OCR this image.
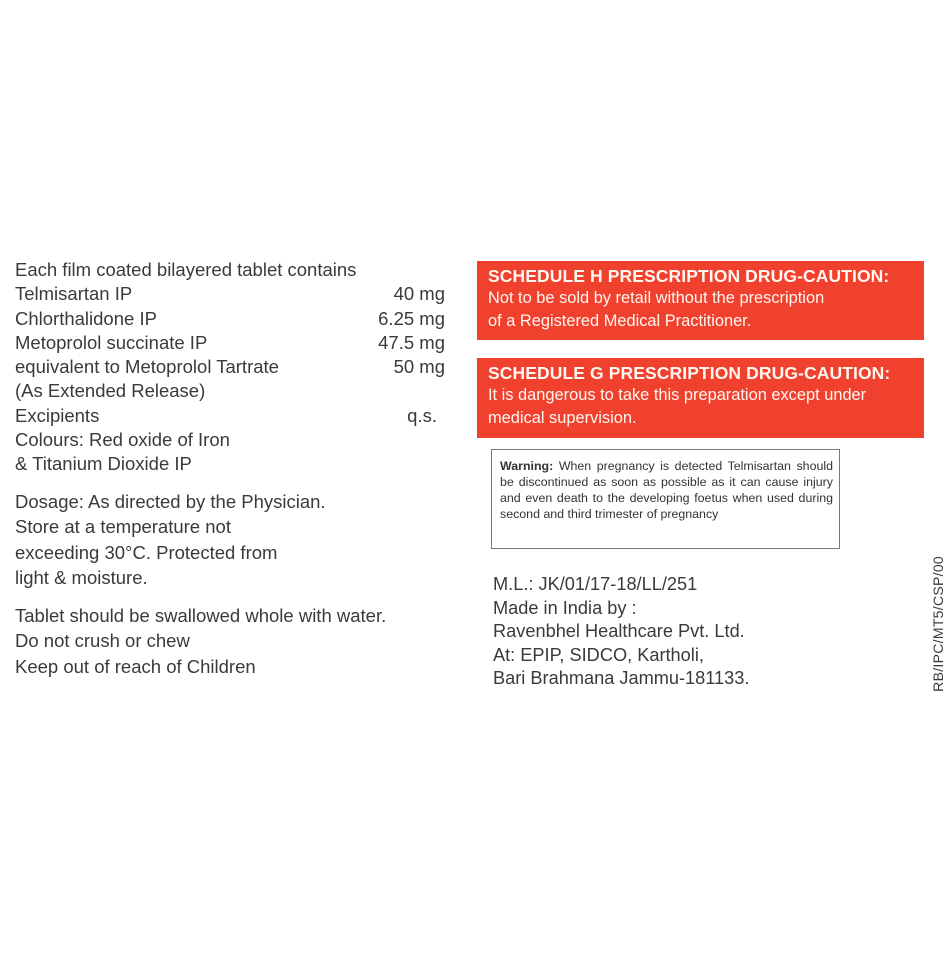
Each film coated bilayered tablet contains
Telmisartan IP	40 mg
Chlorthalidone IP	6.25 mg
Metoprolol succinate IP	47.5 mg
equivalent to Metoprolol Tartrate	50 mg
(As Extended Release)
Excipients	q.s.
Colours: Red oxide of Iron
& Titanium Dioxide IP
Dosage: As directed by the Physician.
Store at a temperature not
exceeding 30°C. Protected from
light & moisture.
Tablet should be swallowed whole with water.
Do not crush or chew
Keep out of reach of Children
SCHEDULE H PRESCRIPTION DRUG-CAUTION:
Not to be sold by retail without the prescription
of a Registered Medical Practitioner.
SCHEDULE G PRESCRIPTION DRUG-CAUTION:
It is dangerous to take this preparation except under
medical supervision.
Warning: When pregnancy is detected Telmisartan should be discontinued as soon as possible as it can cause injury and even death to the developing foetus when used during second and third trimester of pregnancy
M.L.: JK/01/17-18/LL/251
Made in India by :
Ravenbhel Healthcare Pvt. Ltd.
At: EPIP, SIDCO, Kartholi,
Bari Brahmana Jammu-181133.	RB/IPC/MT5/CSP/00
